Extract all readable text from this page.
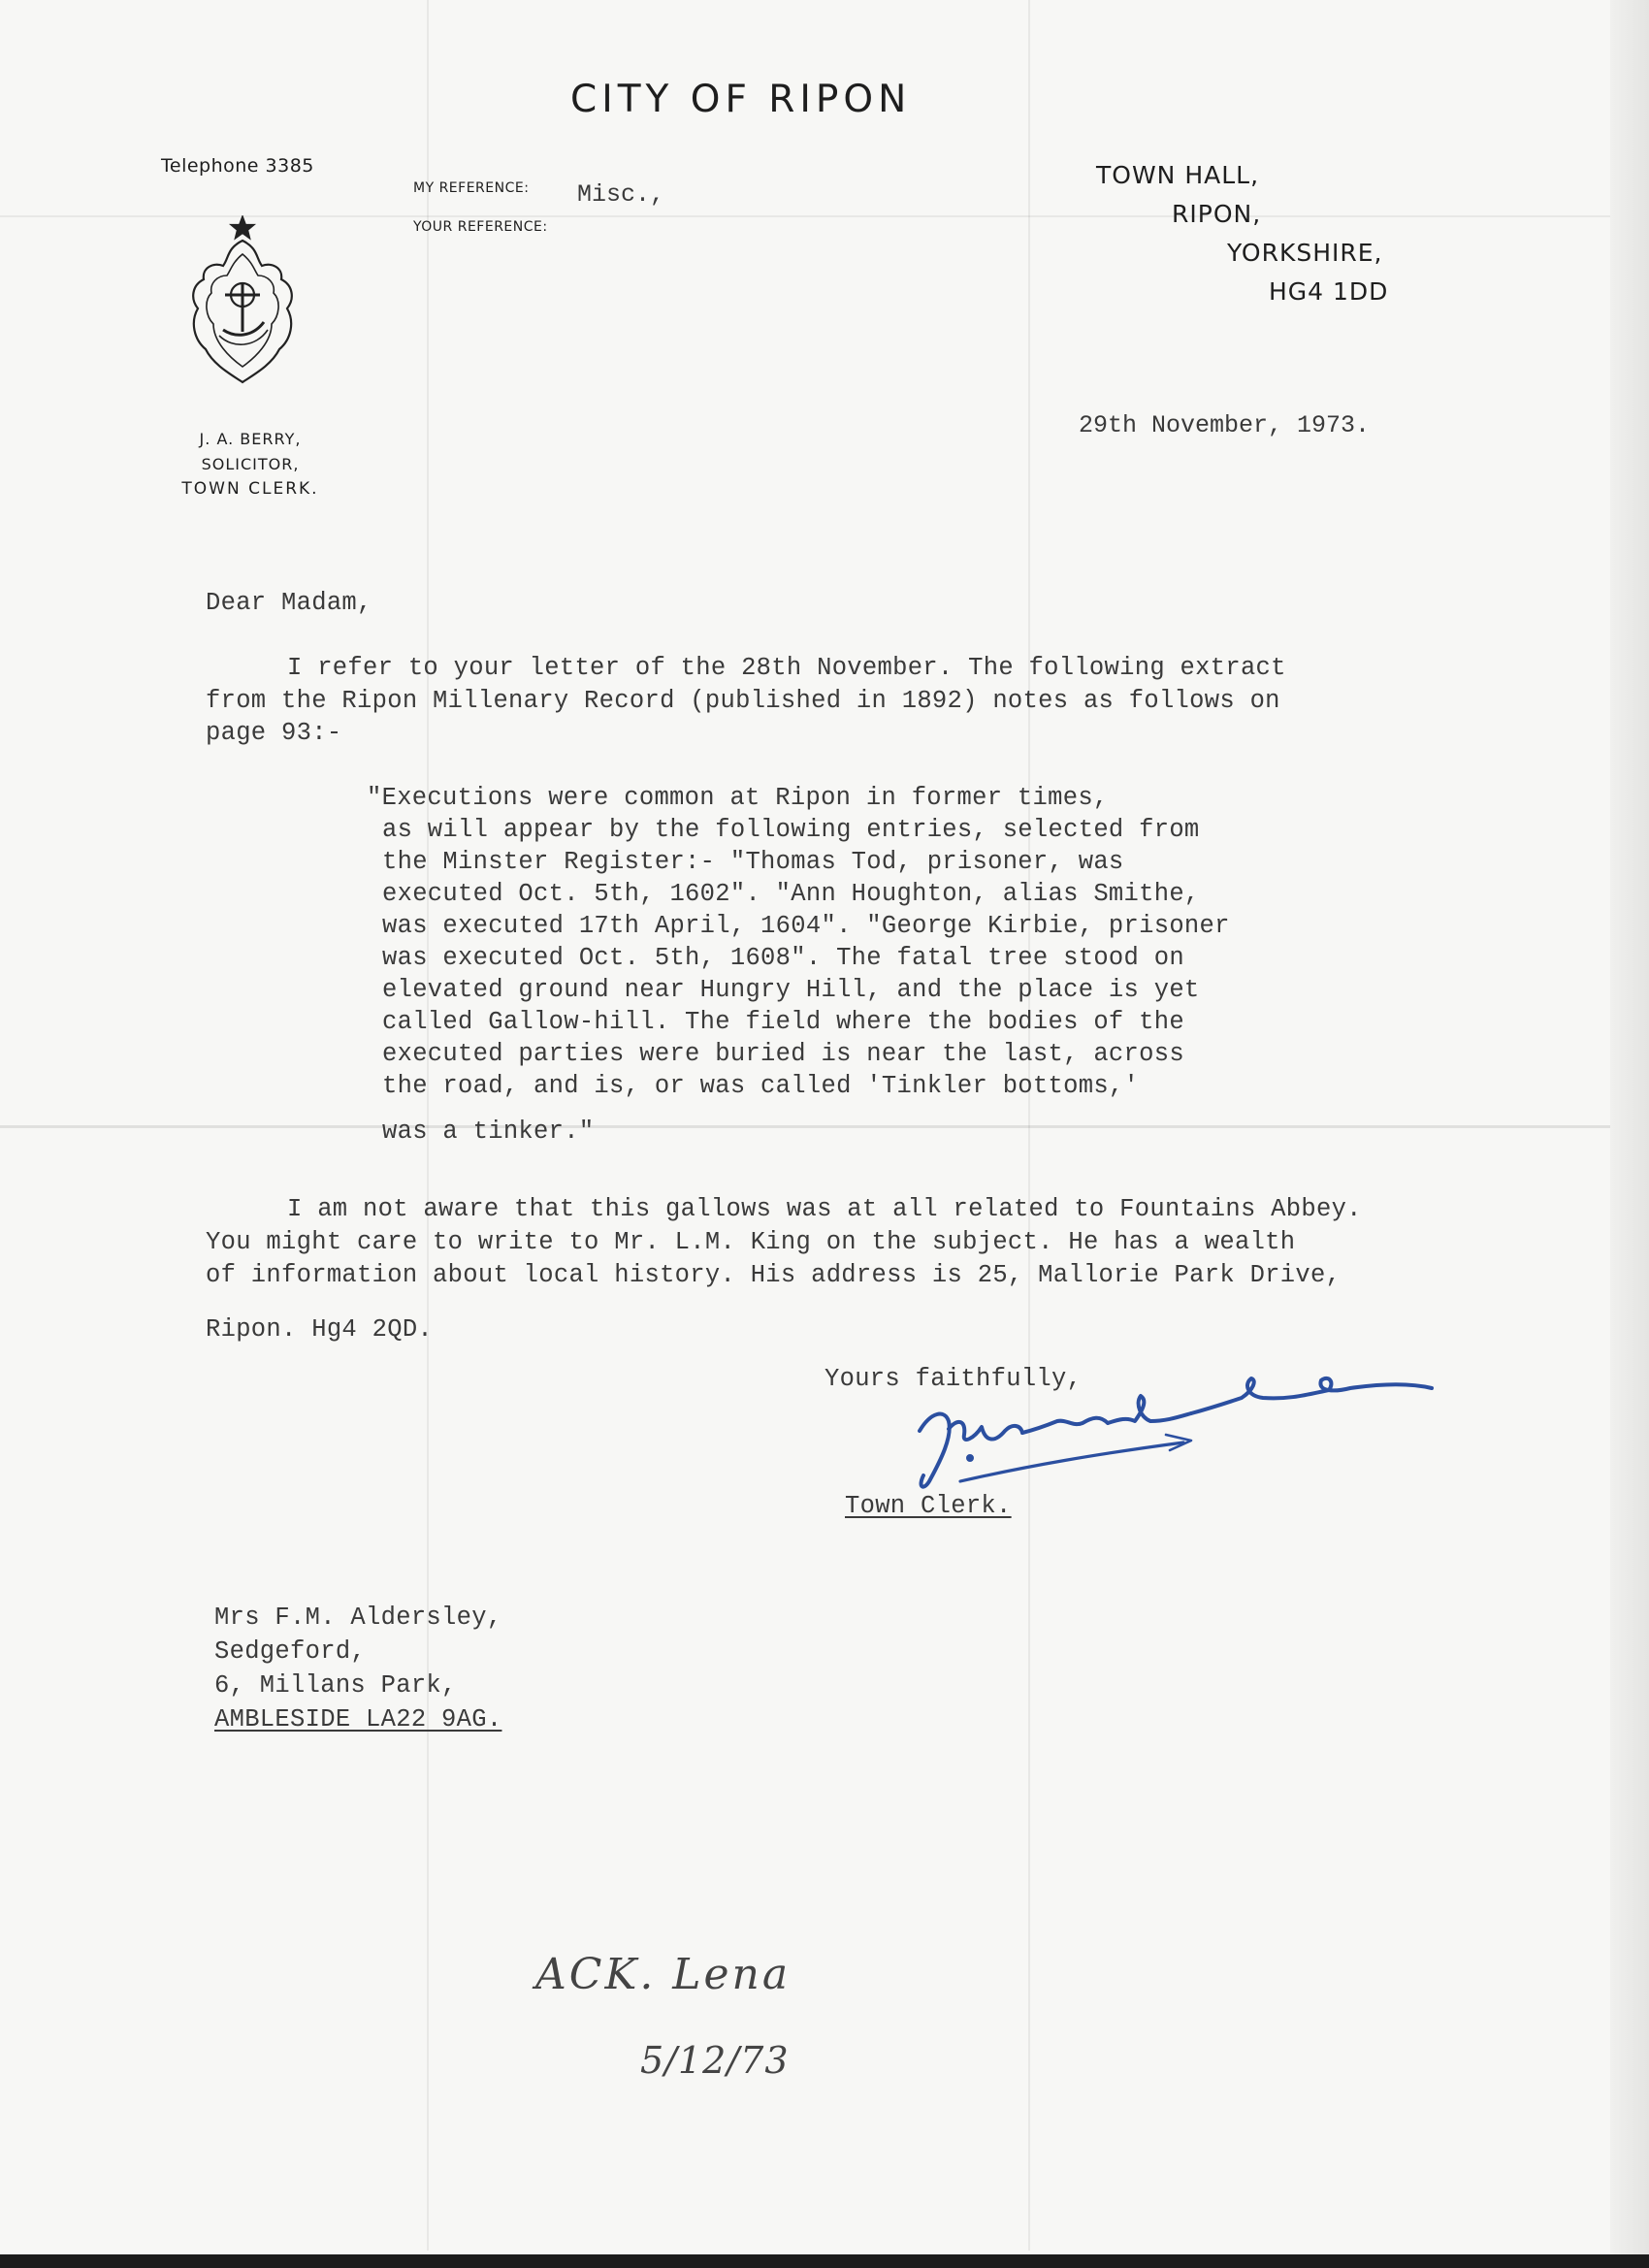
CITY OF RIPON
Telephone 3385
MY REFERENCE: Misc.,
YOUR REFERENCE:
TOWN HALL,
RIPON,
YORKSHIRE,
HG4 1DD
J. A. BERRY,
SOLICITOR,
TOWN CLERK.
29th November, 1973.
Dear Madam,
I refer to your letter of the 28th November. The following extract
from the Ripon Millenary Record (published in 1892) notes as follows on
page 93:-
"Executions were common at Ripon in former times,
as will appear by the following entries, selected from
the Minster Register:- "Thomas Tod, prisoner, was
executed Oct. 5th, 1602". "Ann Houghton, alias Smithe,
was executed 17th April, 1604". "George Kirbie, prisoner
was executed Oct. 5th, 1608". The fatal tree stood on
elevated ground near Hungry Hill, and the place is yet
called Gallow-hill. The field where the bodies of the
executed parties were buried is near the last, across
the road, and is, or was called 'Tinkler bottoms,'
was a tinker."
I am not aware that this gallows was at all related to Fountains Abbey.
You might care to write to Mr. L.M. King on the subject. He has a wealth
of information about local history. His address is 25, Mallorie Park Drive,
Ripon. Hg4 2QD.
Yours faithfully,
Town Clerk.
Mrs F.M. Aldersley,
Sedgeford,
6, Millans Park,
AMBLESIDE LA22 9AG.
ACK. Lena
5/12/73
